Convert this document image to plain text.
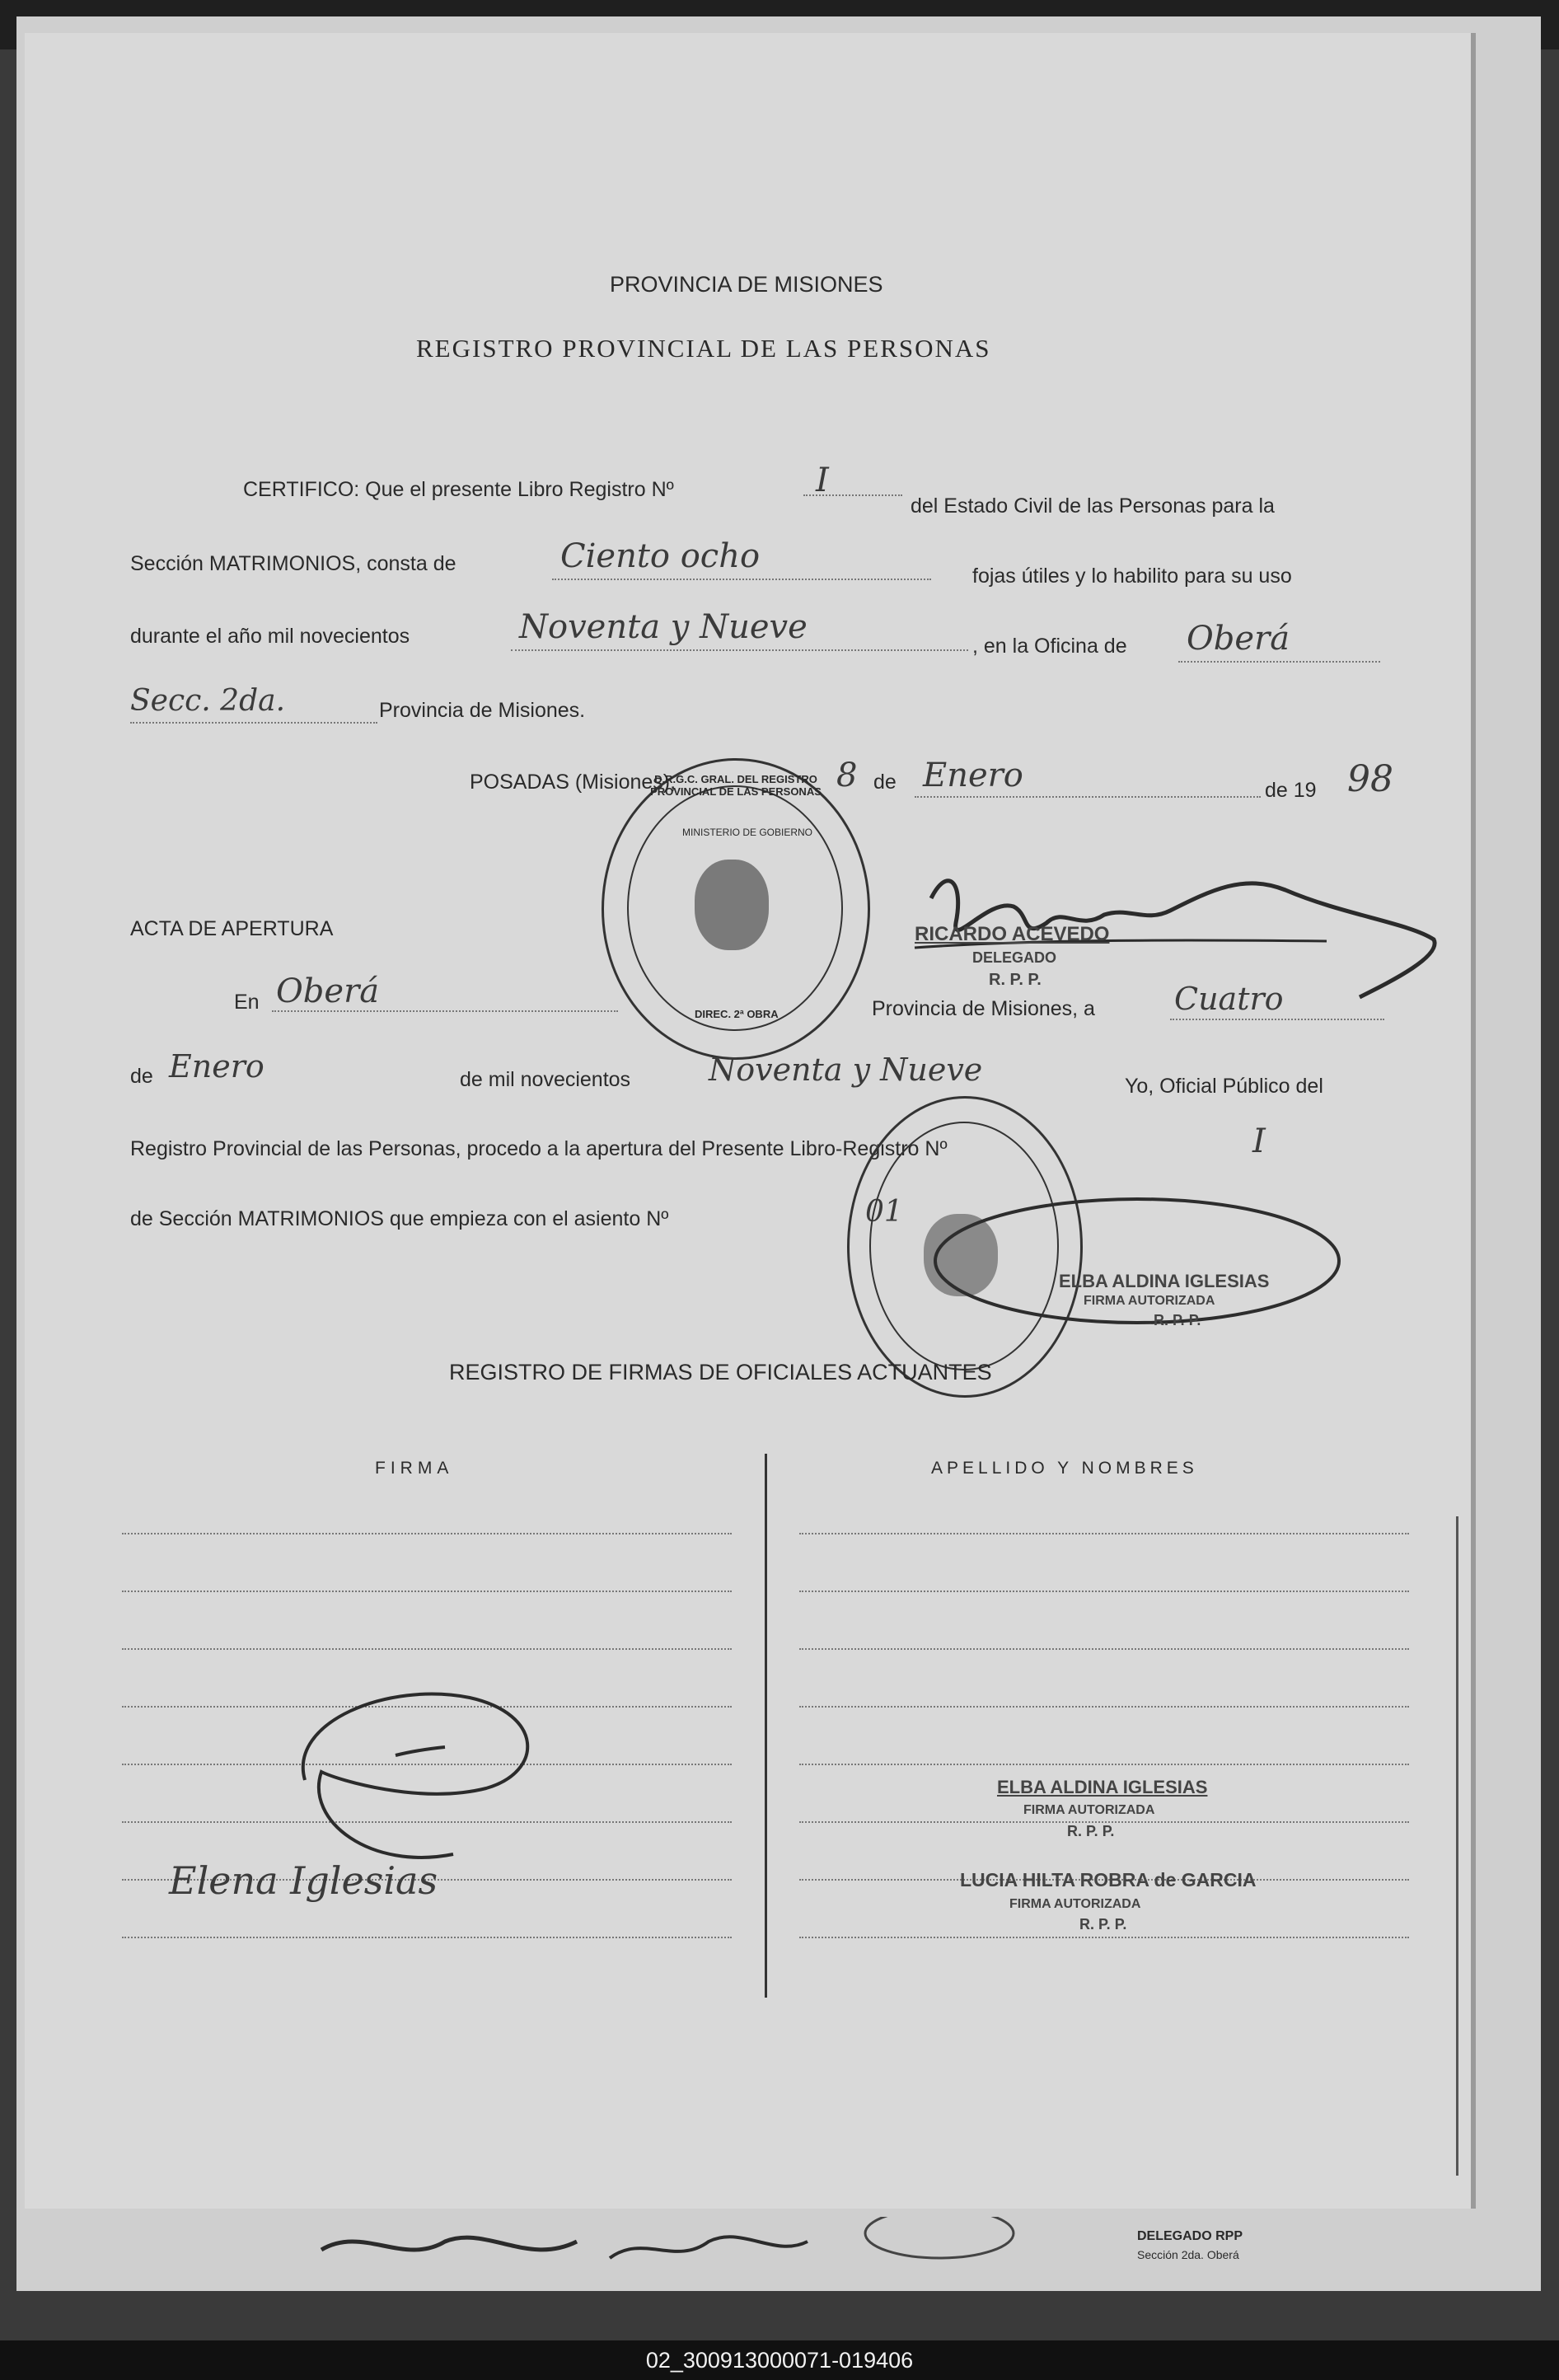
PROVINCIA DE MISIONES
REGISTRO PROVINCIAL DE LAS PERSONAS
CERTIFICO: Que el presente Libro Registro Nº	I
del Estado Civil de las Personas para la
Sección MATRIMONIOS, consta de	Ciento ocho
fojas útiles y lo habilito para su uso
durante el año mil novecientos	Noventa y Nueve	, en la Oficina de Oberá
Secc. 2da.	Provincia de Misiones.
POSADAS (Misiones),	8 de Enero	de 19 98
RICARDO ACEVEDO
DELEGADO
R. P. P.
D.R.G.C. GRAL. DEL REGISTRO PROVINCIAL DE LAS PERSONAS
MINISTERIO DE GOBIERNO
DIREC. 2ª OBRA
ACTA DE APERTURA
En Oberá	Provincia de Misiones, a	Cuatro
de Enero	de mil novecientos Noventa y Nueve	Yo, Oficial Público del
Registro Provincial de las Personas, procedo a la apertura del Presente Libro-Registro Nº	I
de Sección MATRIMONIOS que empieza con el asiento Nº	01
ELBA ALDINA IGLESIAS
FIRMA AUTORIZADA
R. P. P.
REGISTRO DE FIRMAS DE OFICIALES ACTUANTES
FIRMA	APELLIDO Y NOMBRES
Elena Iglesias
ELBA ALDINA IGLESIAS
FIRMA AUTORIZADA
R. P. P.
LUCIA HILTA ROBRA de GARCIA
FIRMA AUTORIZADA
R. P. P.
DELEGADO RPP
Sección 2da. Oberá
02_300913000071-019406
